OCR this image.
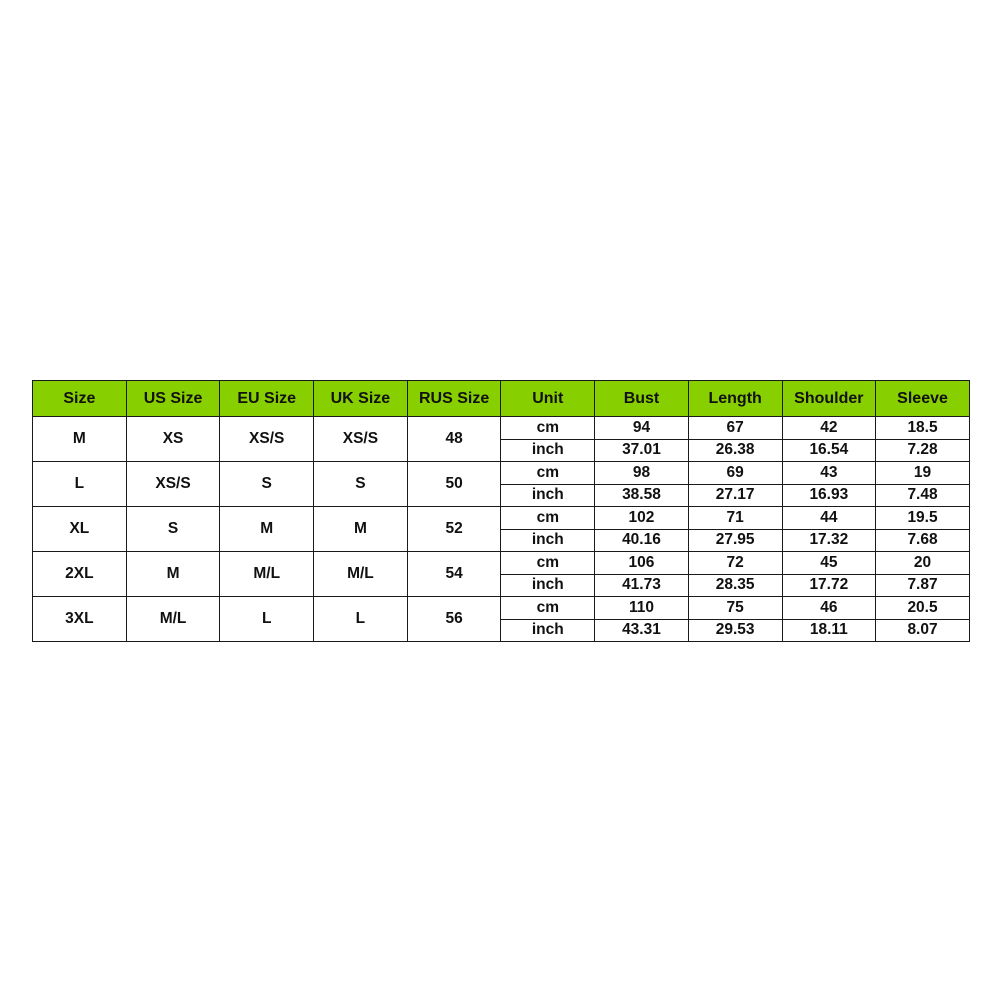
Size	US Size	EU Size	UK Size	RUS Size	Unit	Bust	Length	Shoulder	Sleeve
M	XS	XS/S	XS/S	48	cm	94	67	42	18.5
					inch	37.01	26.38	16.54	7.28
L	XS/S	S	S	50	cm	98	69	43	19
					inch	38.58	27.17	16.93	7.48
XL	S	M	M	52	cm	102	71	44	19.5
					inch	40.16	27.95	17.32	7.68
2XL	M	M/L	M/L	54	cm	106	72	45	20
					inch	41.73	28.35	17.72	7.87
3XL	M/L	L	L	56	cm	110	75	46	20.5
					inch	43.31	29.53	18.11	8.07
